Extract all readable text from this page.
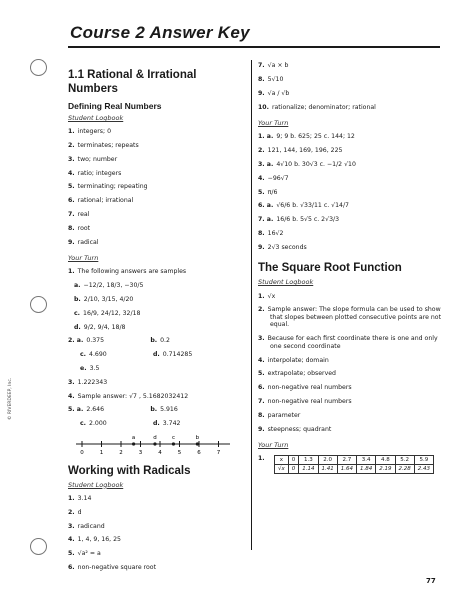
Course 2 Answer Key
© RIVERDEEP, Inc.
1.1 Rational & Irrational Numbers
Defining Real Numbers
Student Logbook
1. integers; 0
2. terminates; repeats
3. two; number
4. ratio; integers
5. terminating; repeating
6. rational; irrational
7. real
8. root
9. radical
Your Turn
1. The following answers are samples
a. −12/2, 18/3, −30/5
b. 2/10, 3/15, 4/20
c. 16/9, 24/12, 32/18
d. 9/2, 9/4, 18/8
2. a. 0.375	b. 0.2
c. 4.690	d. 0.714285
e. 3.5
3. 1.222343
4. Sample answer: √7 , 5.1682032412
5. a. 2.646	b. 5.916
c. 2.000	d. 3.742
0	1	2	3	4	5	6	7
a	d	c	b
Working with Radicals
Student Logbook
1. 3.14
2. d
3. radicand
4. 1, 4, 9, 16, 25
5. √a² = a
6. non-negative square root
7. √a × b
8. 5√10
9. √a / √b
10. rationalize; denominator; rational
Your Turn
1. a. 9; 9 b. 625; 25 c. 144; 12
2. 121, 144, 169, 196, 225
3. a. 4√10 b. 30√3 c. −1/2 √10
4. −96√7
5. π/6
6. a. √6/6 b. √33/11 c. √14/7
7. a. 16/6 b. 5√5 c. 2√3/3
8. 16√2
9. 2√3 seconds
The Square Root Function
Student Logbook
1. √x
2. Sample answer: The slope formula can be used to show that slopes between plotted consecutive points are not equal.
3. Because for each first coordinate there is one and only one second coordinate
4. interpolate; domain
5. extrapolate; observed
6. non-negative real numbers
7. non-negative real numbers
8. parameter
9. steepness; quadrant
Your Turn
1.	x	0	1.3	2.0	2.7	3.4	4.8	5.2	5.9
√x	0	1.14	1.41	1.64	1.84	2.19	2.28	2.43
77
